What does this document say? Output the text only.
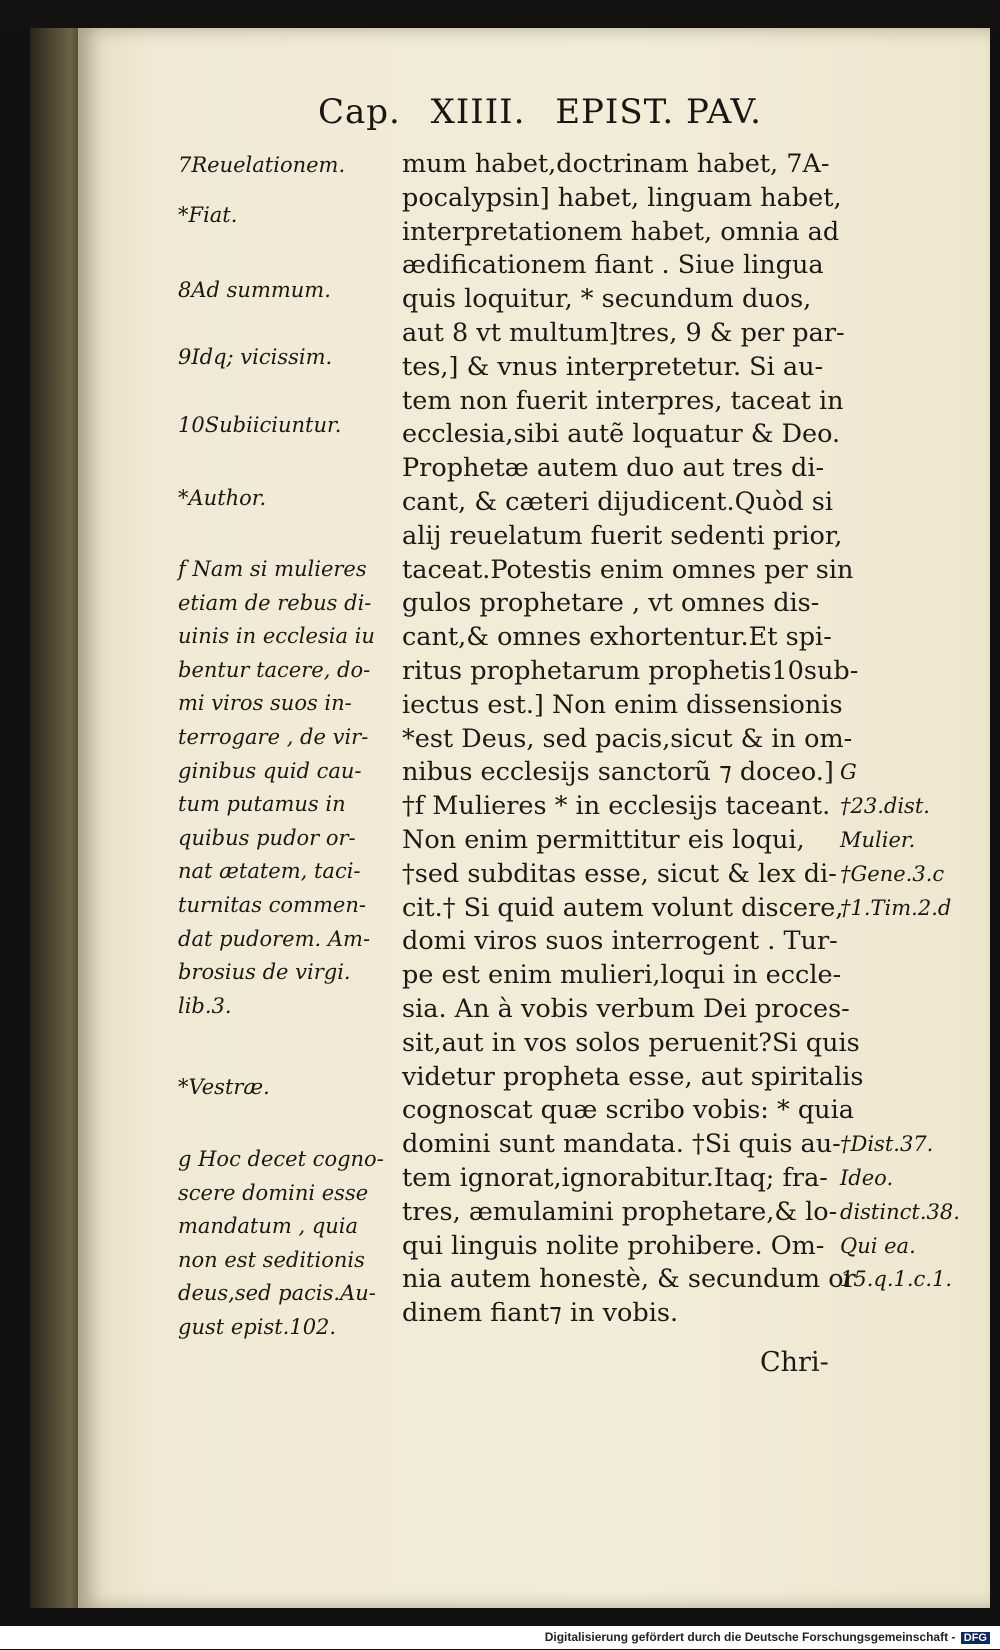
Cap. XIIII. EPIST. PAV.
mum habet,doctrinam habet, 7A-
pocalypsin] habet, linguam habet,
interpretationem habet, omnia ad
ædificationem fiant . Siue lingua
quis loquitur, * secundum duos,
aut 8 vt multum]tres, 9 & per par-
tes,] & vnus interpretetur. Si au-
tem non fuerit interpres, taceat in
ecclesia,sibi autẽ loquatur & Deo.
Prophetæ autem duo aut tres di-
cant, & cæteri dijudicent.Quòd si
alij reuelatum fuerit sedenti prior,
taceat.Potestis enim omnes per sin
gulos prophetare , vt omnes dis-
cant,& omnes exhortentur.Et spi-
ritus prophetarum prophetis10sub-
iectus est.] Non enim dissensionis
*est Deus, sed pacis,sicut & in om-
nibus ecclesijs sanctorũ ⁊ doceo.]
†f Mulieres * in ecclesijs taceant.
Non enim permittitur eis loqui,
†sed subditas esse, sicut & lex di-
cit.† Si quid autem volunt discere,
domi viros suos interrogent . Tur-
pe est enim mulieri,loqui in eccle-
sia. An à vobis verbum Dei proces-
sit,aut in vos solos peruenit?Si quis
videtur propheta esse, aut spiritalis
cognoscat quæ scribo vobis: * quia
domini sunt mandata. †Si quis au-
tem ignorat,ignorabitur.Itaq; fra-
tres, æmulamini prophetare,& lo-
qui linguis nolite prohibere. Om-
nia autem honestè, & secundum or
dinem fiant⁊ in vobis.
7Reuelationem.
*Fiat.
8Ad summum.
9Idq; vicissim.
10Subiiciuntur.
*Author.
f Nam si mulieres
etiam de rebus di-
uinis in ecclesia iu
bentur tacere, do-
mi viros suos in-
terrogare , de vir-
ginibus quid cau-
tum putamus in
quibus pudor or-
nat ætatem, taci-
turnitas commen-
dat pudorem. Am-
brosius de virgi.
lib.3.
*Vestræ.
g Hoc decet cogno-
scere domini esse
mandatum , quia
non est seditionis
deus,sed pacis.Au-
gust epist.102.
G
†23.dist.
Mulier.
†Gene.3.c
†1.Tim.2.d
†Dist.37.
Ideo.
distinct.38.
Qui ea.
15.q.1.c.1.
Chri-
Digitalisierung gefördert durch die Deutsche Forschungsgemeinschaft - DFG
